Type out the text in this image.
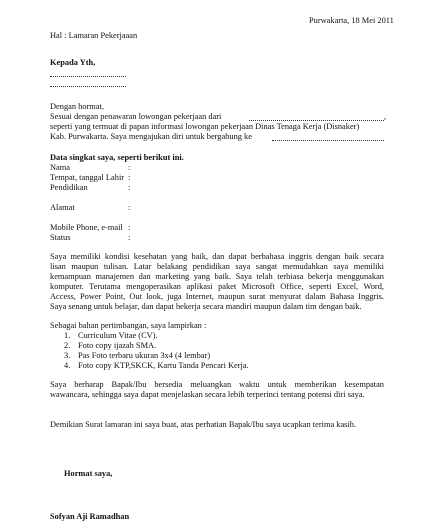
Purwakarta, 18 Mei 2011
Hal : Lamaran Pekerjaaan
Kepada Yth,
Dengan hormat,
Sesuai dengan penawaran lowongan pekerjaan dari	,
seperti yang termuat di papan informasi lowongan pekerjaan Dinas Tenaga Kerja (Disnaker)
Kab. Purwakarta. Saya mengajukan diri untuk bergabung ke
Data singkat saya, seperti berikut ini.
Nama	:
Tempat, tanggal Lahir :
Pendidikan	:
Alamat	:
Mobile Phone, e-mail :
Status	:
Saya memiliki kondisi kesehatan yang baik, dan dapat berbahasa inggris dengan baik secara
lisan maupun tulisan. Latar belakang pendidikan saya sangat memudahkan saya memiliki
kemampuan manajemen dan marketing yang baik. Saya telah terbiasa bekerja menggunakan
komputer. Terutama mengoperasikan aplikasi paket Microsoft Office, seperti Excel, Word,
Access, Power Point, Out look, juga Internet, maupun surat menyurat dalam Bahasa Inggris.
Saya senang untuk belajar, dan dapat bekerja secara mandiri maupun dalam tim dengan baik.
Sebagai bahan pertimbangan, saya lampirkan :
1. Curriculum Vitae (CV).
2. Foto copy ijazah SMA.
3. Pas Foto terbaru ukuran 3x4 (4 lembar)
4. Foto copy KTP,SKCK, Kartu Tanda Pencari Kerja.
Saya berharap Bapak/Ibu bersedia meluangkan waktu untuk memberikan kesempatan
wawancara, sehingga saya dapat menjelaskan secara lebih terperinci tentang potensi diri saya.
Demikian Surat lamaran ini saya buat, atas perhatian Bapak/Ibu saya ucapkan terima kasih.
Hormat saya,
Sofyan Aji Ramadhan
